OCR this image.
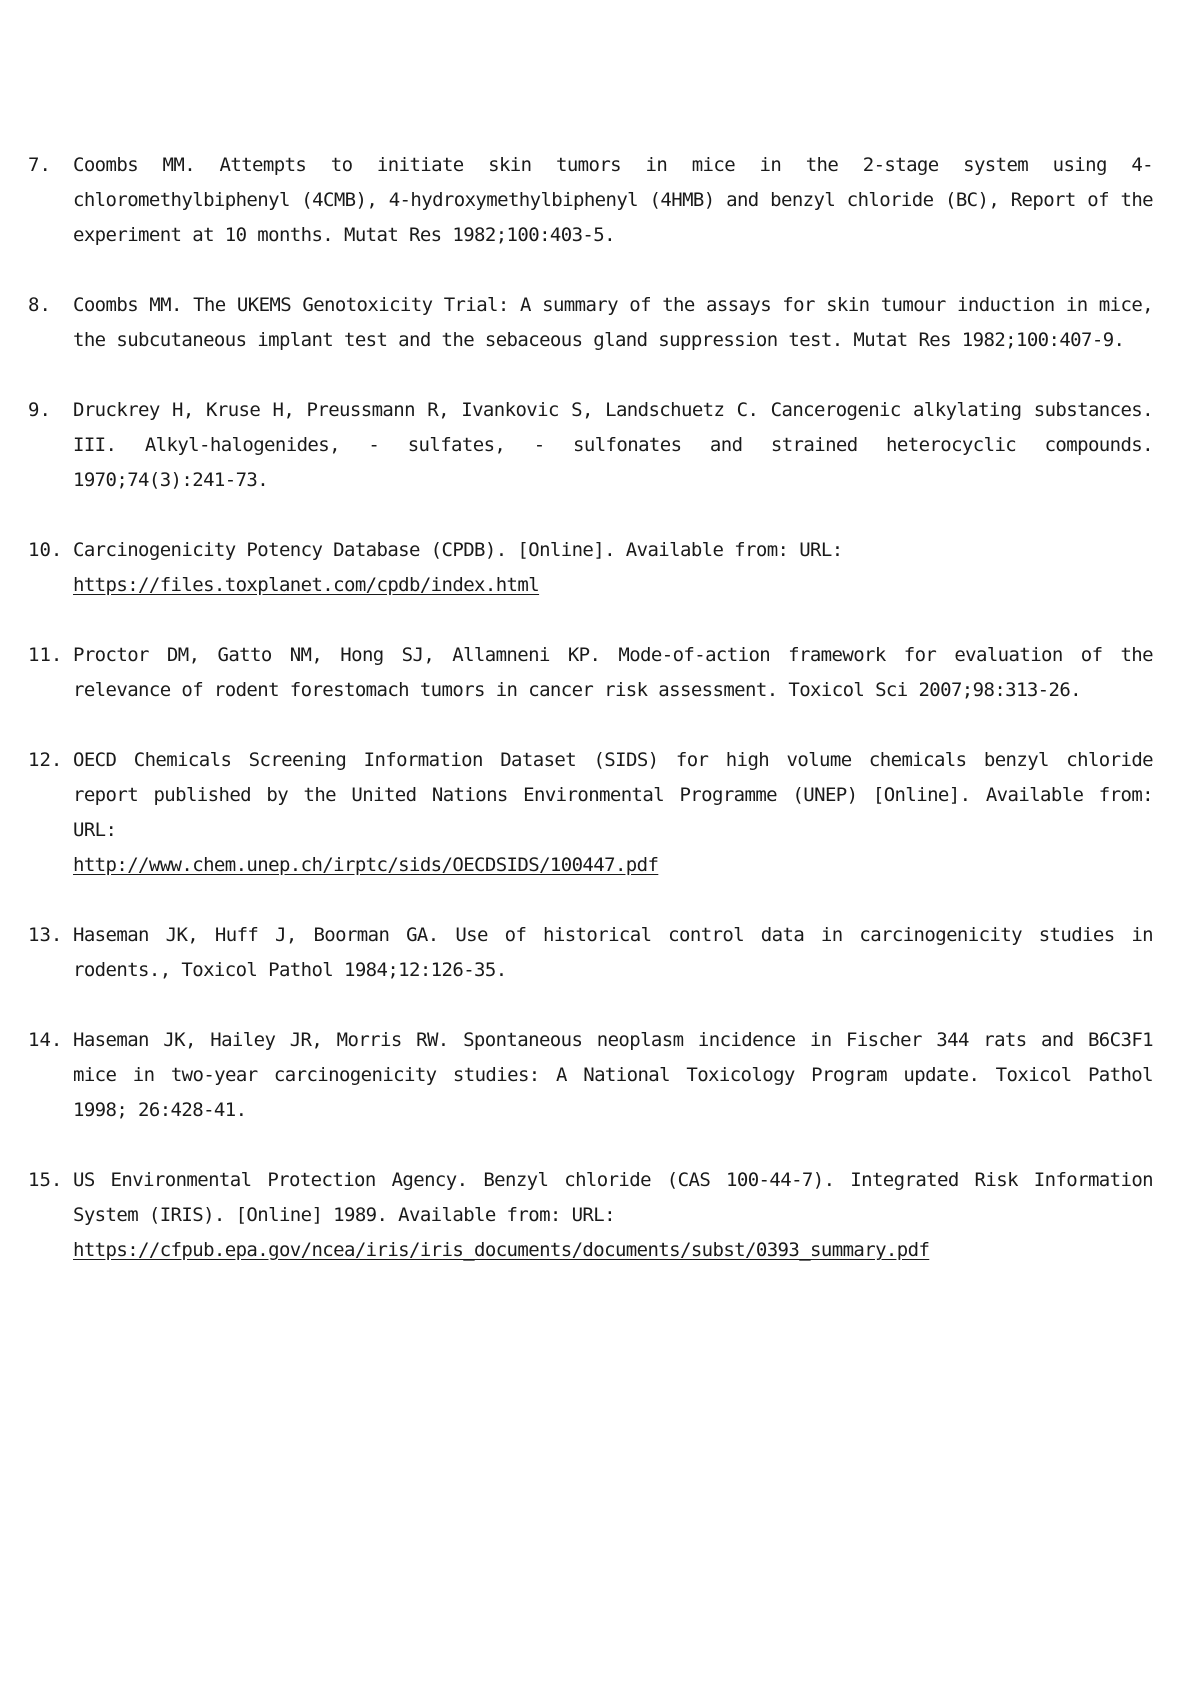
7.	Coombs MM. Attempts to initiate skin tumors in mice in the 2-stage system using 4- chloromethylbiphenyl (4CMB), 4-hydroxymethylbiphenyl (4HMB) and benzyl chloride (BC), Report of the experiment at 10 months. Mutat Res 1982;100:403-5.
8.	Coombs MM. The UKEMS Genotoxicity Trial: A summary of the assays for skin tumour induction in mice, the subcutaneous implant test and the sebaceous gland suppression test. Mutat Res 1982;100:407-9.
9.	Druckrey H, Kruse H, Preussmann R, Ivankovic S, Landschuetz C. Cancerogenic alkylating substances. III. Alkyl-halogenides, - sulfates, - sulfonates and strained heterocyclic compounds. 1970;74(3):241-73.
10. Carcinogenicity Potency Database (CPDB). [Online]. Available from: URL:
https://files.toxplanet.com/cpdb/index.html
11. Proctor DM, Gatto NM, Hong SJ, Allamneni KP. Mode-of-action framework for evaluation of the relevance of rodent forestomach tumors in cancer risk assessment. Toxicol Sci 2007;98:313-26.
12. OECD Chemicals Screening Information Dataset (SIDS) for high volume chemicals benzyl chloride report published by the United Nations Environmental Programme (UNEP) [Online]. Available from: URL:
http://www.chem.unep.ch/irptc/sids/OECDSIDS/100447.pdf
13. Haseman JK, Huff J, Boorman GA. Use of historical control data in carcinogenicity studies in rodents., Toxicol Pathol 1984;12:126-35.
14. Haseman JK, Hailey JR, Morris RW. Spontaneous neoplasm incidence in Fischer 344 rats and B6C3F1 mice in two-year carcinogenicity studies: A National Toxicology Program update. Toxicol Pathol 1998; 26:428-41.
15. US Environmental Protection Agency. Benzyl chloride (CAS 100-44-7). Integrated Risk Information System (IRIS). [Online] 1989. Available from: URL:
https://cfpub.epa.gov/ncea/iris/iris_documents/documents/subst/0393_summary.pdf
